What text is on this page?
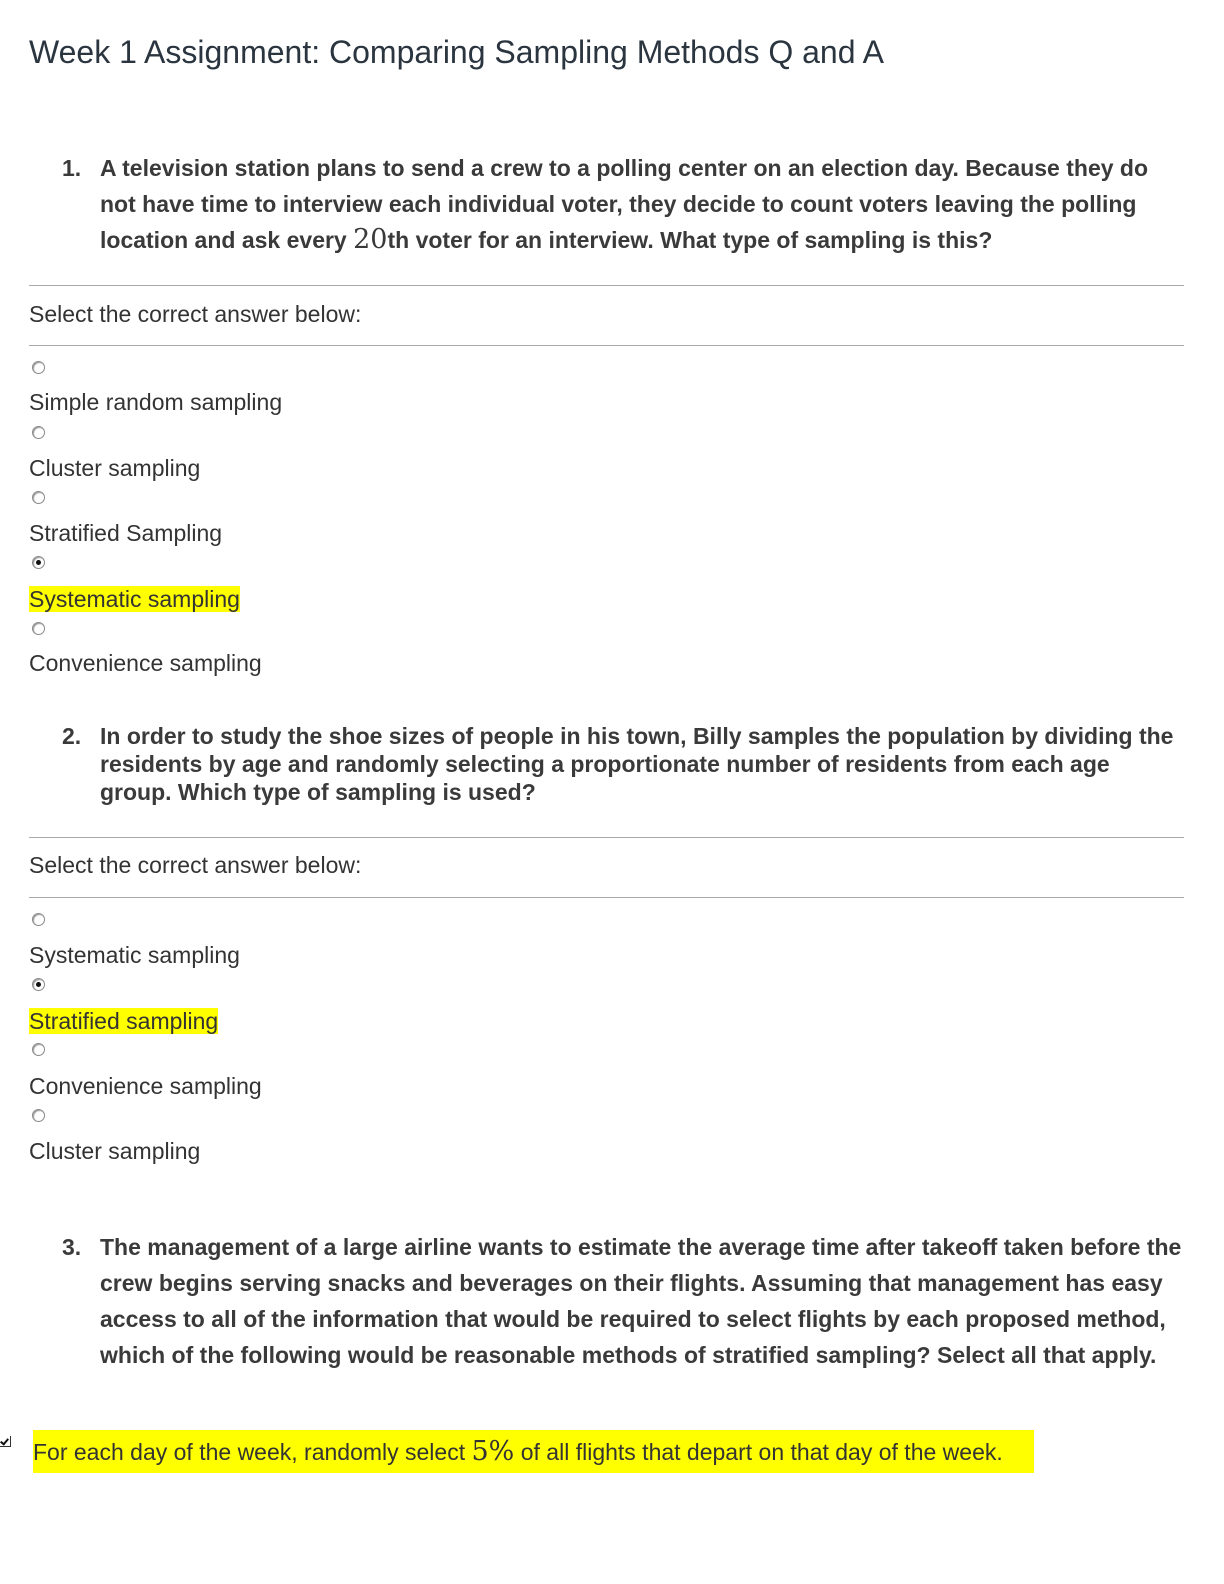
Week 1 Assignment: Comparing Sampling Methods Q and A
1. A television station plans to send a crew to a polling center on an election day. Because they do not have time to interview each individual voter, they decide to count voters leaving the polling location and ask every 20th voter for an interview. What type of sampling is this?
Select the correct answer below:
Simple random sampling
Cluster sampling
Stratified Sampling
Systematic sampling
Convenience sampling
2. In order to study the shoe sizes of people in his town, Billy samples the population by dividing the residents by age and randomly selecting a proportionate number of residents from each age group. Which type of sampling is used?
Select the correct answer below:
Systematic sampling
Stratified sampling
Convenience sampling
Cluster sampling
3. The management of a large airline wants to estimate the average time after takeoff taken before the crew begins serving snacks and beverages on their flights. Assuming that management has easy access to all of the information that would be required to select flights by each proposed method, which of the following would be reasonable methods of stratified sampling? Select all that apply.
For each day of the week, randomly select 5% of all flights that depart on that day of the week.
